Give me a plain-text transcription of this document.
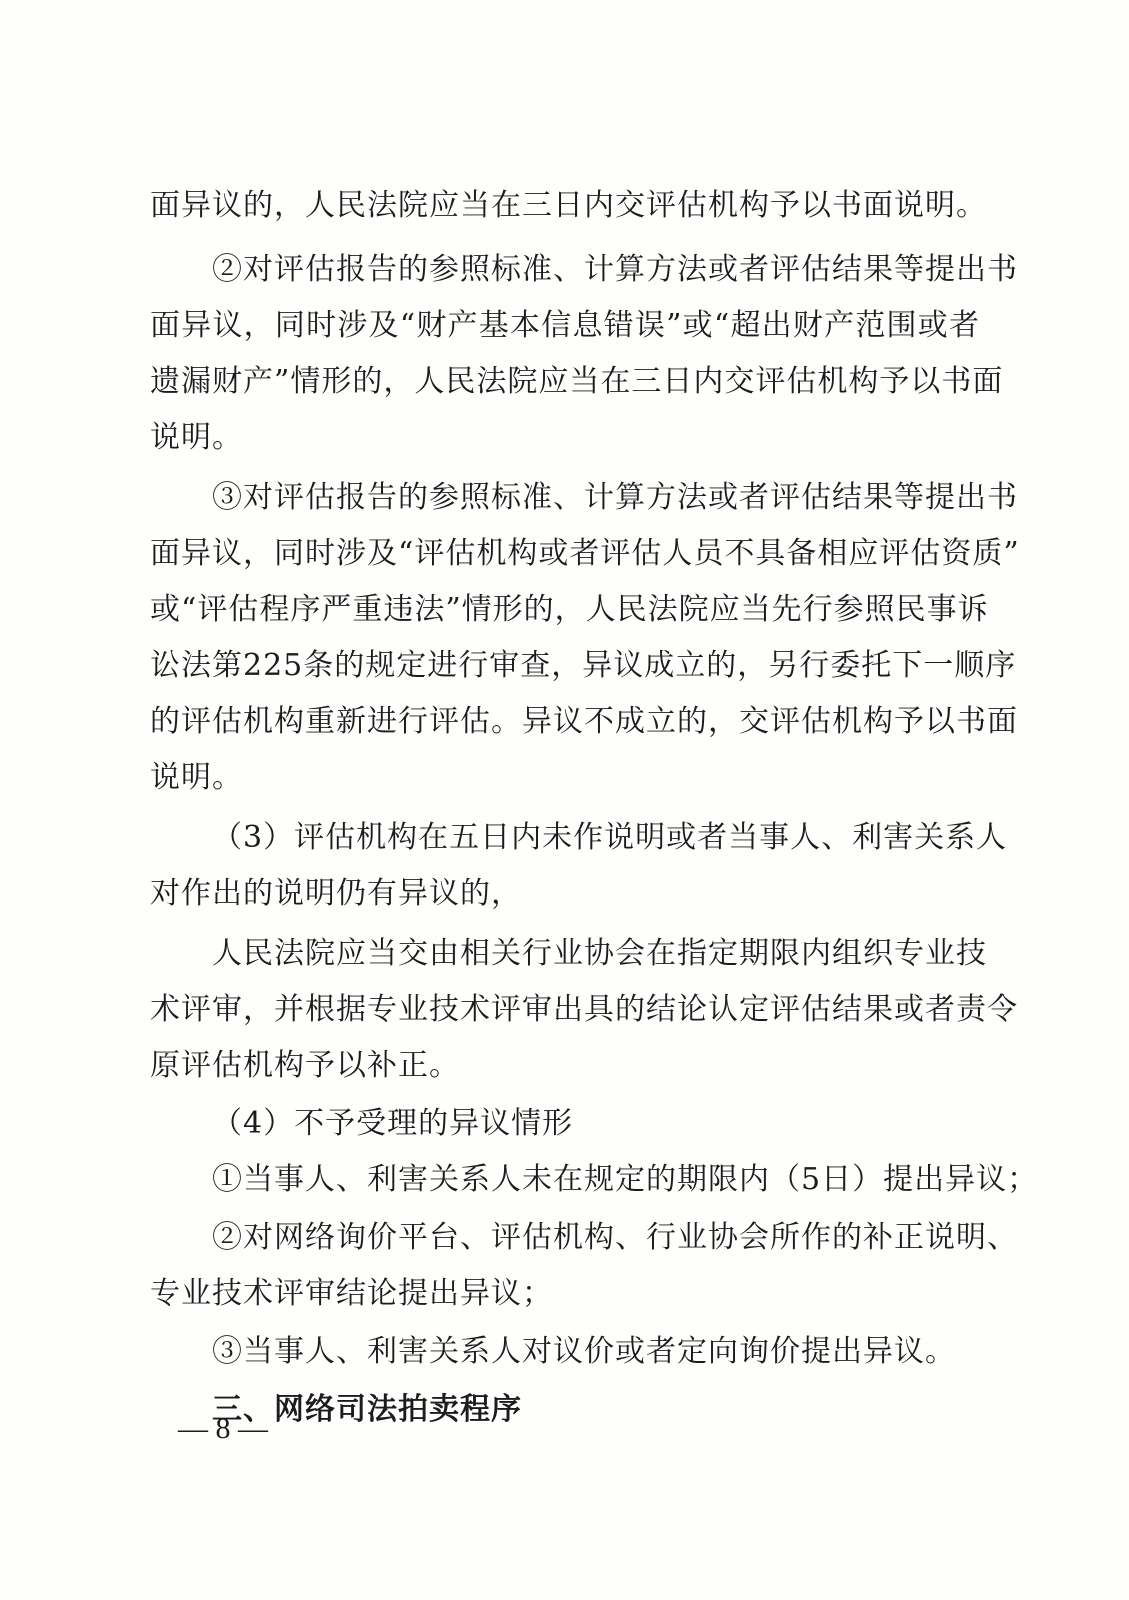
面异议的，人民法院应当在三日内交评估机构予以书面说明。
②对评估报告的参照标准、计算方法或者评估结果等提出书
面异议，同时涉及“财产基本信息错误”或“超出财产范围或者
遗漏财产”情形的，人民法院应当在三日内交评估机构予以书面
说明。
③对评估报告的参照标准、计算方法或者评估结果等提出书
面异议，同时涉及“评估机构或者评估人员不具备相应评估资质”
或“评估程序严重违法”情形的，人民法院应当先行参照民事诉
讼法第225条的规定进行审查，异议成立的，另行委托下一顺序
的评估机构重新进行评估。异议不成立的，交评估机构予以书面
说明。
（3）评估机构在五日内未作说明或者当事人、利害关系人
对作出的说明仍有异议的，
人民法院应当交由相关行业协会在指定期限内组织专业技
术评审，并根据专业技术评审出具的结论认定评估结果或者责令
原评估机构予以补正。
（4）不予受理的异议情形
①当事人、利害关系人未在规定的期限内（5日）提出异议；
②对网络询价平台、评估机构、行业协会所作的补正说明、
专业技术评审结论提出异议；
③当事人、利害关系人对议价或者定向询价提出异议。
三、网络司法拍卖程序
— 8 —
